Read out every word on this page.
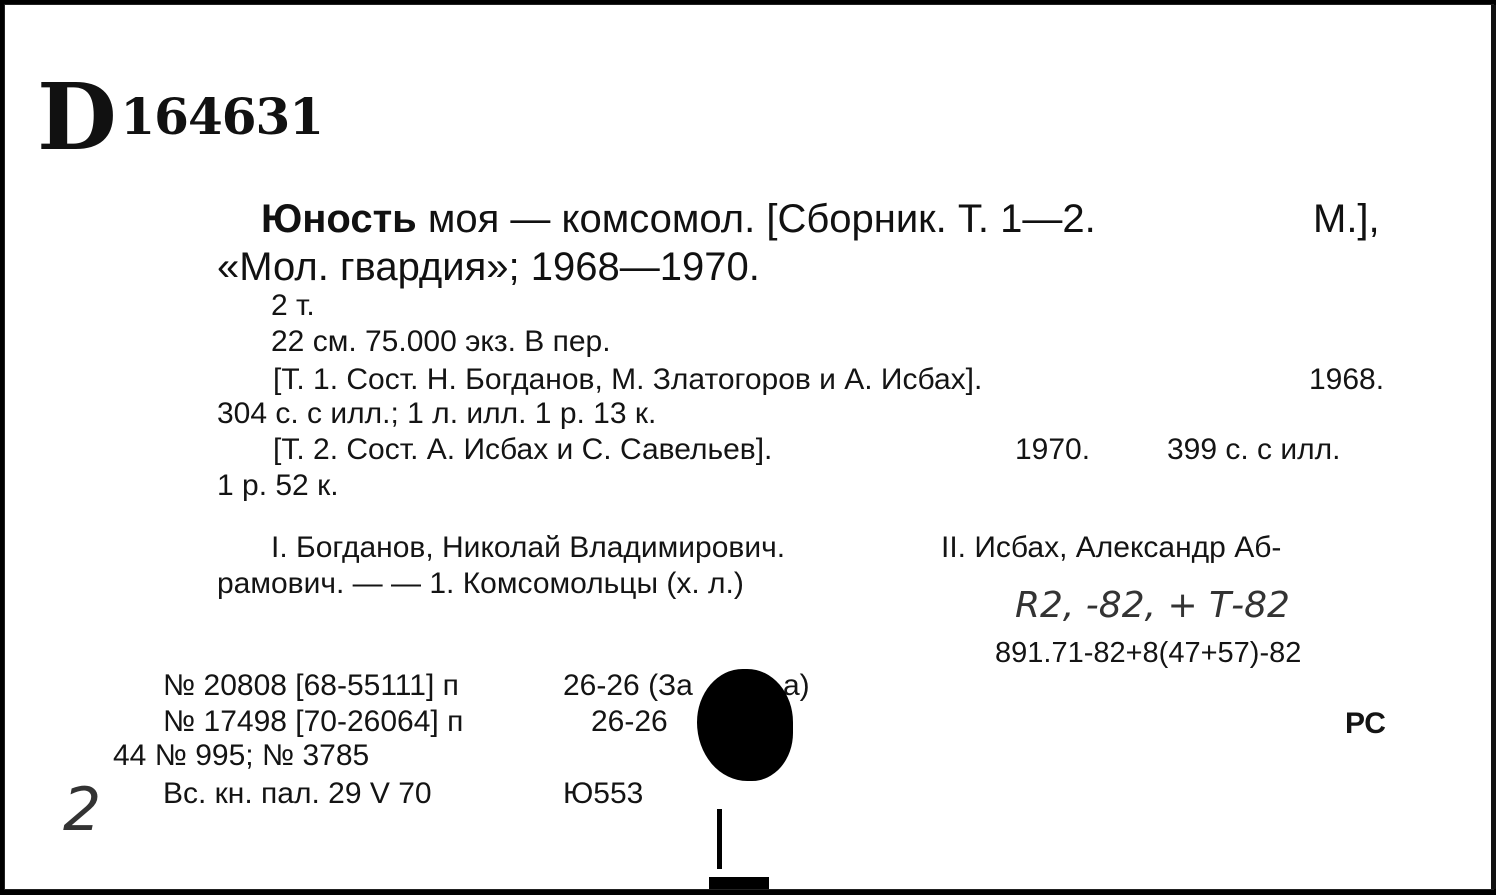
D 164631
Юность моя — комсомол. [Сборник. Т. 1—2.	М.],
«Мол. гвардия»; 1968—1970.
2 т.
22 см. 75.000 экз. В пер.
[Т. 1. Сост. Н. Богданов, М. Златогоров и А. Исбах].	1968.
304 с. с илл.; 1 л. илл. 1 р. 13 к.
[Т. 2. Сост. А. Исбах и С. Савельев].	1970.	399 с. с илл.
1 р. 52 к.
I. Богданов, Николай Владимирович.	II. Исбах, Александр Аб-
рамович. — — 1. Комсомольцы (х. л.)
R2, -82, + Т-82
891.71-82+8(47+57)-82
РС
№ 20808 [68-55111] п	26-26 (За	а)
№ 17498 [70-26064] п	26-26
44 № 995; № 3785
Вс. кн. пал. 29 V 70	Ю553
2
